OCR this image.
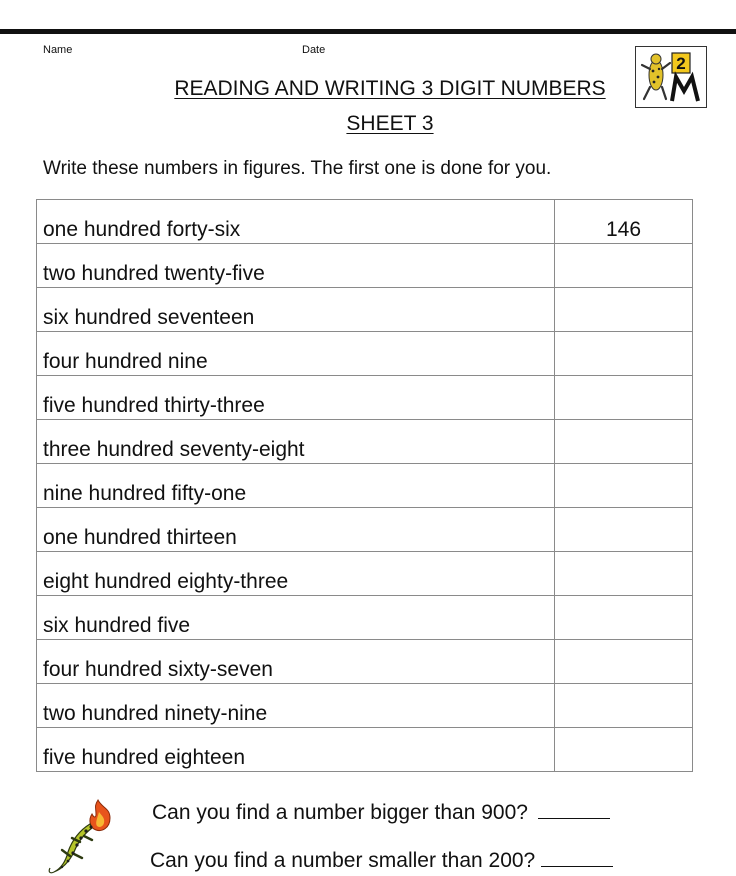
Name	Date
2
READING AND WRITING 3 DIGIT NUMBERS
SHEET 3
Write these numbers in figures. The first one is done for you.
one hundred forty-six	146
two hundred twenty-five	
six hundred seventeen	
four hundred nine	
five hundred thirty-three	
three hundred seventy-eight	
nine hundred fifty-one	
one hundred thirteen	
eight hundred eighty-three	
six hundred five	
four hundred sixty-seven	
two hundred ninety-nine	
five hundred eighteen	
Can you find a number bigger than 900?
Can you find a number smaller than 200?
